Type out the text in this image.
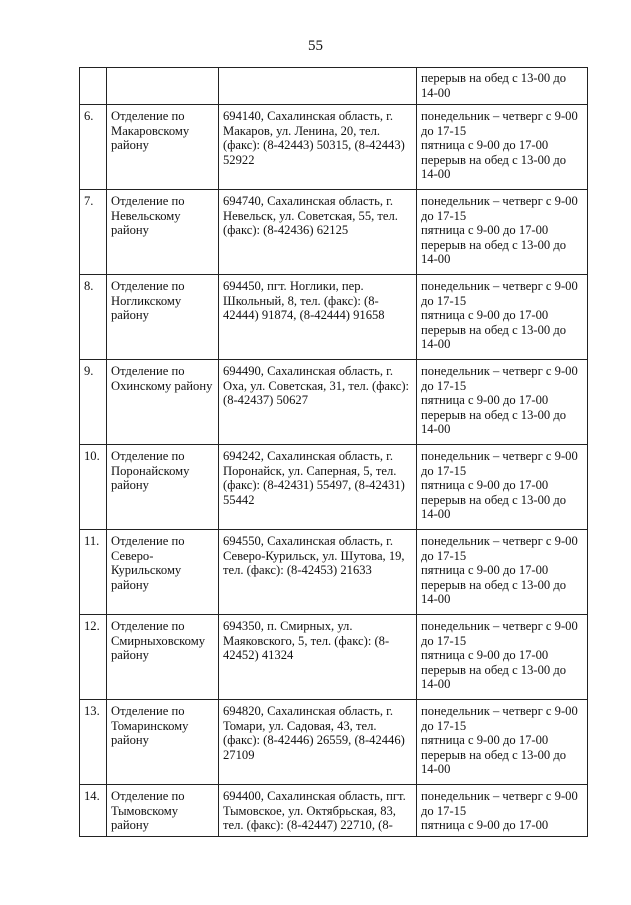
55

			перерыв на обед с 13-00 до 14-00

6.	Отделение по Макаровскому району	694140, Сахалинская область, г. Макаров, ул. Ленина, 20, тел. (факс): (8-42443) 50315, (8-42443) 52922	понедельник – четверг с 9-00 до 17-15
пятница с 9-00 до 17-00
перерыв на обед с 13-00 до 14-00

7.	Отделение по Невельскому району	694740, Сахалинская область, г. Невельск, ул. Советская, 55, тел. (факс): (8-42436) 62125	понедельник – четверг с 9-00 до 17-15
пятница с 9-00 до 17-00
перерыв на обед с 13-00 до 14-00

8.	Отделение по Ногликскому району	694450, пгт. Ноглики, пер. Школьный, 8, тел. (факс): (8-42444) 91874, (8-42444) 91658	понедельник – четверг с 9-00 до 17-15
пятница с 9-00 до 17-00
перерыв на обед с 13-00 до 14-00

9.	Отделение по Охинскому району	694490, Сахалинская область, г. Оха, ул. Советская, 31, тел. (факс): (8-42437) 50627	понедельник – четверг с 9-00 до 17-15
пятница с 9-00 до 17-00
перерыв на обед с 13-00 до 14-00

10.	Отделение по Поронайскому району	694242, Сахалинская область, г. Поронайск, ул. Саперная, 5, тел. (факс): (8-42431) 55497, (8-42431) 55442	понедельник – четверг с 9-00 до 17-15
пятница с 9-00 до 17-00
перерыв на обед с 13-00 до 14-00

11.	Отделение по Северо-Курильскому району	694550, Сахалинская область, г. Северо-Курильск, ул. Шутова, 19, тел. (факс): (8-42453) 21633	понедельник – четверг с 9-00 до 17-15
пятница с 9-00 до 17-00
перерыв на обед с 13-00 до 14-00

12.	Отделение по Смирныховскому району	694350, п. Смирных, ул. Маяковского, 5, тел. (факс): (8-42452) 41324	понедельник – четверг с 9-00 до 17-15
пятница с 9-00 до 17-00
перерыв на обед с 13-00 до 14-00

13.	Отделение по Томаринскому району	694820, Сахалинская область, г. Томари, ул. Садовая, 43, тел. (факс): (8-42446) 26559, (8-42446) 27109	понедельник – четверг с 9-00 до 17-15
пятница с 9-00 до 17-00
перерыв на обед с 13-00 до 14-00

14.	Отделение по Тымовскому району	694400, Сахалинская область, пгт. Тымовское, ул. Октябрьская, 83, тел. (факс): (8-42447) 22710, (8-	понедельник – четверг с 9-00 до 17-15
пятница с 9-00 до 17-00
